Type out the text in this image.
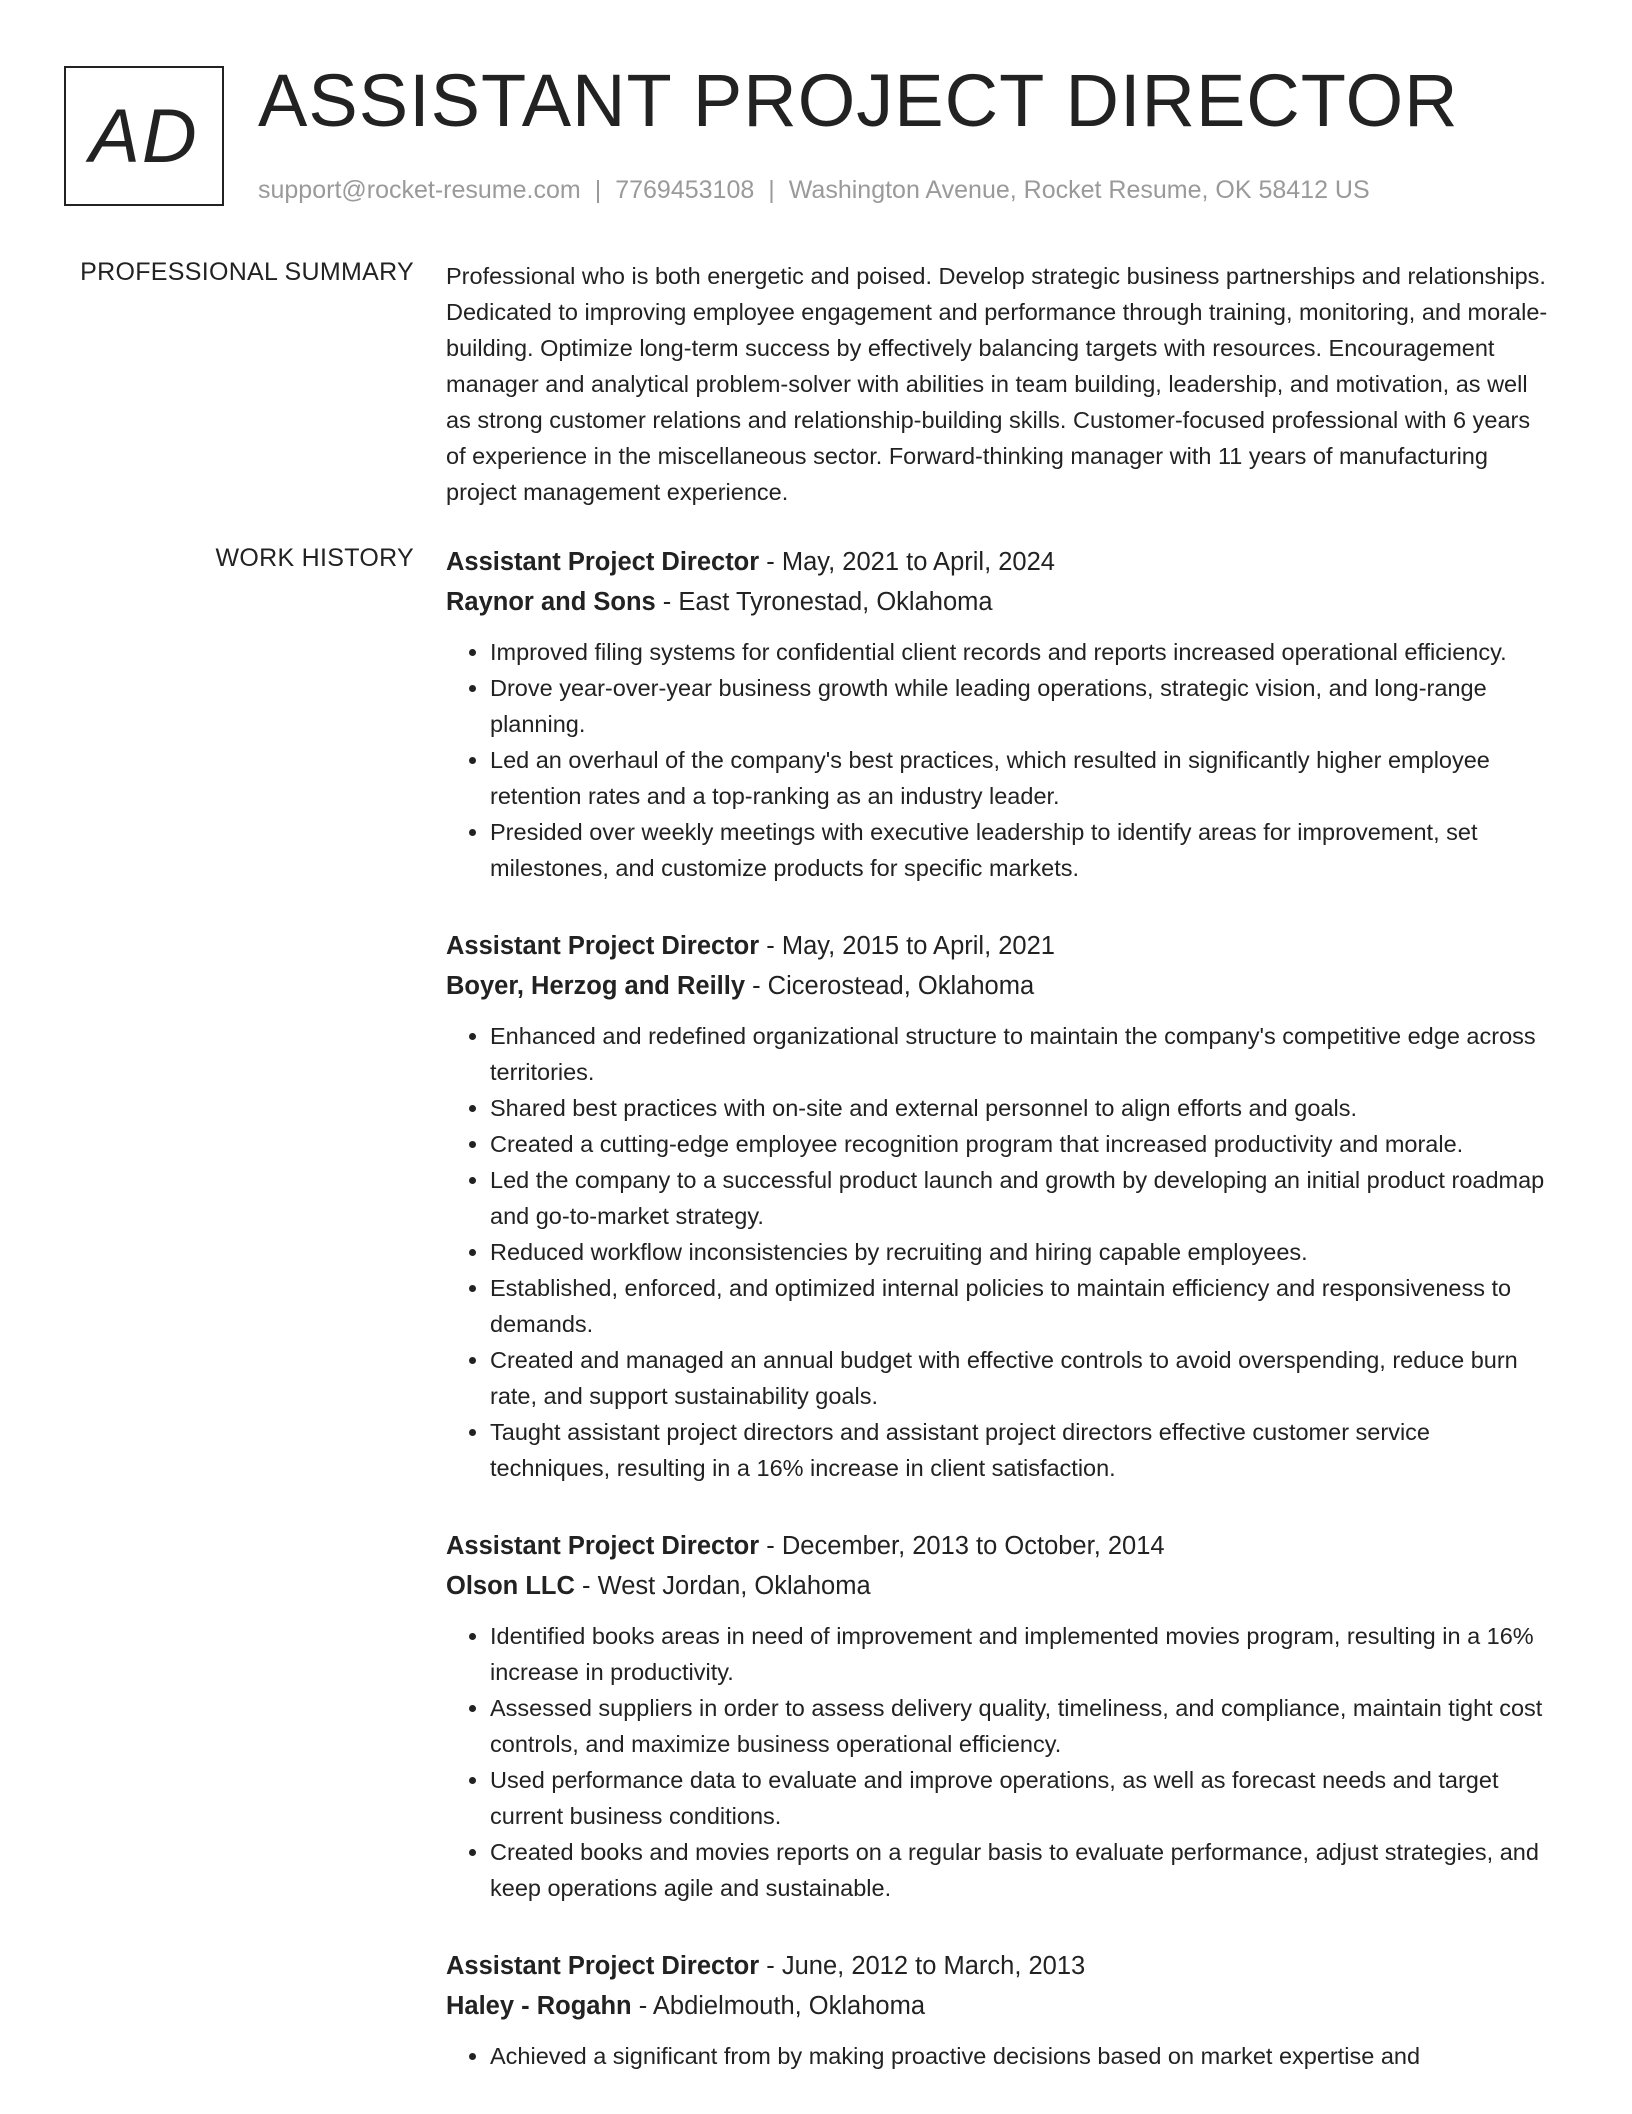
AD ASSISTANT PROJECT DIRECTOR
support@rocket-resume.com | 7769453108 | Washington Avenue, Rocket Resume, OK 58412 US
PROFESSIONAL SUMMARY Professional who is both energetic and poised. Develop strategic business partnerships and relationships. Dedicated to improving employee engagement and performance through training, monitoring, and morale-building. Optimize long-term success by effectively balancing targets with resources. Encouragement manager and analytical problem-solver with abilities in team building, leadership, and motivation, as well as strong customer relations and relationship-building skills. Customer-focused professional with 6 years of experience in the miscellaneous sector. Forward-thinking manager with 11 years of manufacturing project management experience.

WORK HISTORY Assistant Project Director - May, 2021 to April, 2024
Raynor and Sons - East Tyronestad, Oklahoma
• Improved filing systems for confidential client records and reports increased operational efficiency.
• Drove year-over-year business growth while leading operations, strategic vision, and long-range planning.
• Led an overhaul of the company's best practices, which resulted in significantly higher employee retention rates and a top-ranking as an industry leader.
• Presided over weekly meetings with executive leadership to identify areas for improvement, set milestones, and customize products for specific markets.
Assistant Project Director - May, 2015 to April, 2021
Boyer, Herzog and Reilly - Cicerostead, Oklahoma
• Enhanced and redefined organizational structure to maintain the company's competitive edge across territories.
• Shared best practices with on-site and external personnel to align efforts and goals.
• Created a cutting-edge employee recognition program that increased productivity and morale.
• Led the company to a successful product launch and growth by developing an initial product roadmap and go-to-market strategy.
• Reduced workflow inconsistencies by recruiting and hiring capable employees.
• Established, enforced, and optimized internal policies to maintain efficiency and responsiveness to demands.
• Created and managed an annual budget with effective controls to avoid overspending, reduce burn rate, and support sustainability goals.
• Taught assistant project directors and assistant project directors effective customer service techniques, resulting in a 16% increase in client satisfaction.
Assistant Project Director - December, 2013 to October, 2014
Olson LLC - West Jordan, Oklahoma
• Identified books areas in need of improvement and implemented movies program, resulting in a 16% increase in productivity.
• Assessed suppliers in order to assess delivery quality, timeliness, and compliance, maintain tight cost controls, and maximize business operational efficiency.
• Used performance data to evaluate and improve operations, as well as forecast needs and target current business conditions.
• Created books and movies reports on a regular basis to evaluate performance, adjust strategies, and keep operations agile and sustainable.
Assistant Project Director - June, 2012 to March, 2013
Haley - Rogahn - Abdielmouth, Oklahoma
• Achieved a significant from by making proactive decisions based on market expertise and
